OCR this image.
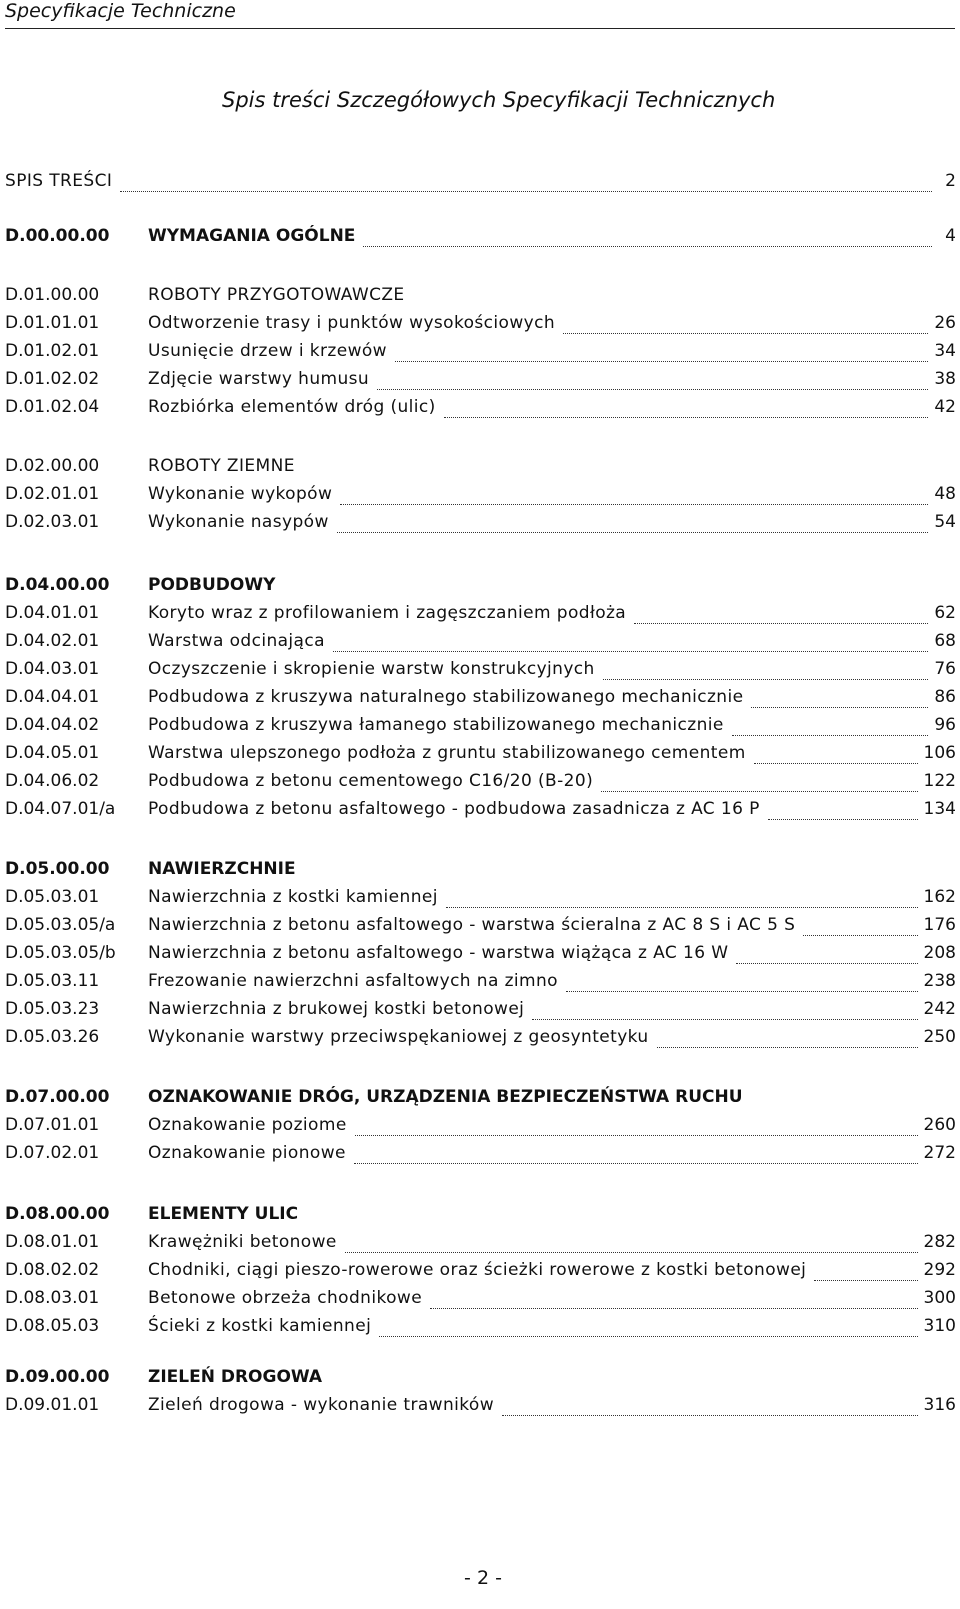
Specyfikacje Techniczne
Spis treści Szczegółowych Specyfikacji Technicznych
SPIS TREŚCI	2
D.00.00.00	WYMAGANIA OGÓLNE	4
D.01.00.00	ROBOTY PRZYGOTOWAWCZE
D.01.01.01	Odtworzenie trasy i punktów wysokościowych	26
D.01.02.01	Usunięcie drzew i krzewów	34
D.01.02.02	Zdjęcie warstwy humusu	38
D.01.02.04	Rozbiórka elementów dróg (ulic)	42
D.02.00.00	ROBOTY ZIEMNE
D.02.01.01	Wykonanie wykopów	48
D.02.03.01	Wykonanie nasypów	54
D.04.00.00	PODBUDOWY
D.04.01.01	Koryto wraz z profilowaniem i zagęszczaniem podłoża	62
D.04.02.01	Warstwa odcinająca	68
D.04.03.01	Oczyszczenie i skropienie warstw konstrukcyjnych	76
D.04.04.01	Podbudowa z kruszywa naturalnego stabilizowanego mechanicznie	86
D.04.04.02	Podbudowa z kruszywa łamanego stabilizowanego mechanicznie	96
D.04.05.01	Warstwa ulepszonego podłoża z gruntu stabilizowanego cementem	106
D.04.06.02	Podbudowa z betonu cementowego C16/20 (B-20)	122
D.04.07.01/a	Podbudowa z betonu asfaltowego - podbudowa zasadnicza z AC 16 P	134
D.05.00.00	NAWIERZCHNIE
D.05.03.01	Nawierzchnia z kostki kamiennej	162
D.05.03.05/a	Nawierzchnia z betonu asfaltowego - warstwa ścieralna z AC 8 S i AC 5 S	176
D.05.03.05/b	Nawierzchnia z betonu asfaltowego - warstwa wiążąca z AC 16 W	208
D.05.03.11	Frezowanie nawierzchni asfaltowych na zimno	238
D.05.03.23	Nawierzchnia z brukowej kostki betonowej	242
D.05.03.26	Wykonanie warstwy przeciwspękaniowej z geosyntetyku	250
D.07.00.00	OZNAKOWANIE DRÓG, URZĄDZENIA BEZPIECZEŃSTWA RUCHU
D.07.01.01	Oznakowanie poziome	260
D.07.02.01	Oznakowanie pionowe	272
D.08.00.00	ELEMENTY ULIC
D.08.01.01	Krawężniki betonowe	282
D.08.02.02	Chodniki, ciągi pieszo-rowerowe oraz ścieżki rowerowe z kostki betonowej	292
D.08.03.01	Betonowe obrzeża chodnikowe	300
D.08.05.03	Ścieki z kostki kamiennej	310
D.09.00.00	ZIELEŃ DROGOWA
D.09.01.01	Zieleń drogowa - wykonanie trawników	316
- 2 -
